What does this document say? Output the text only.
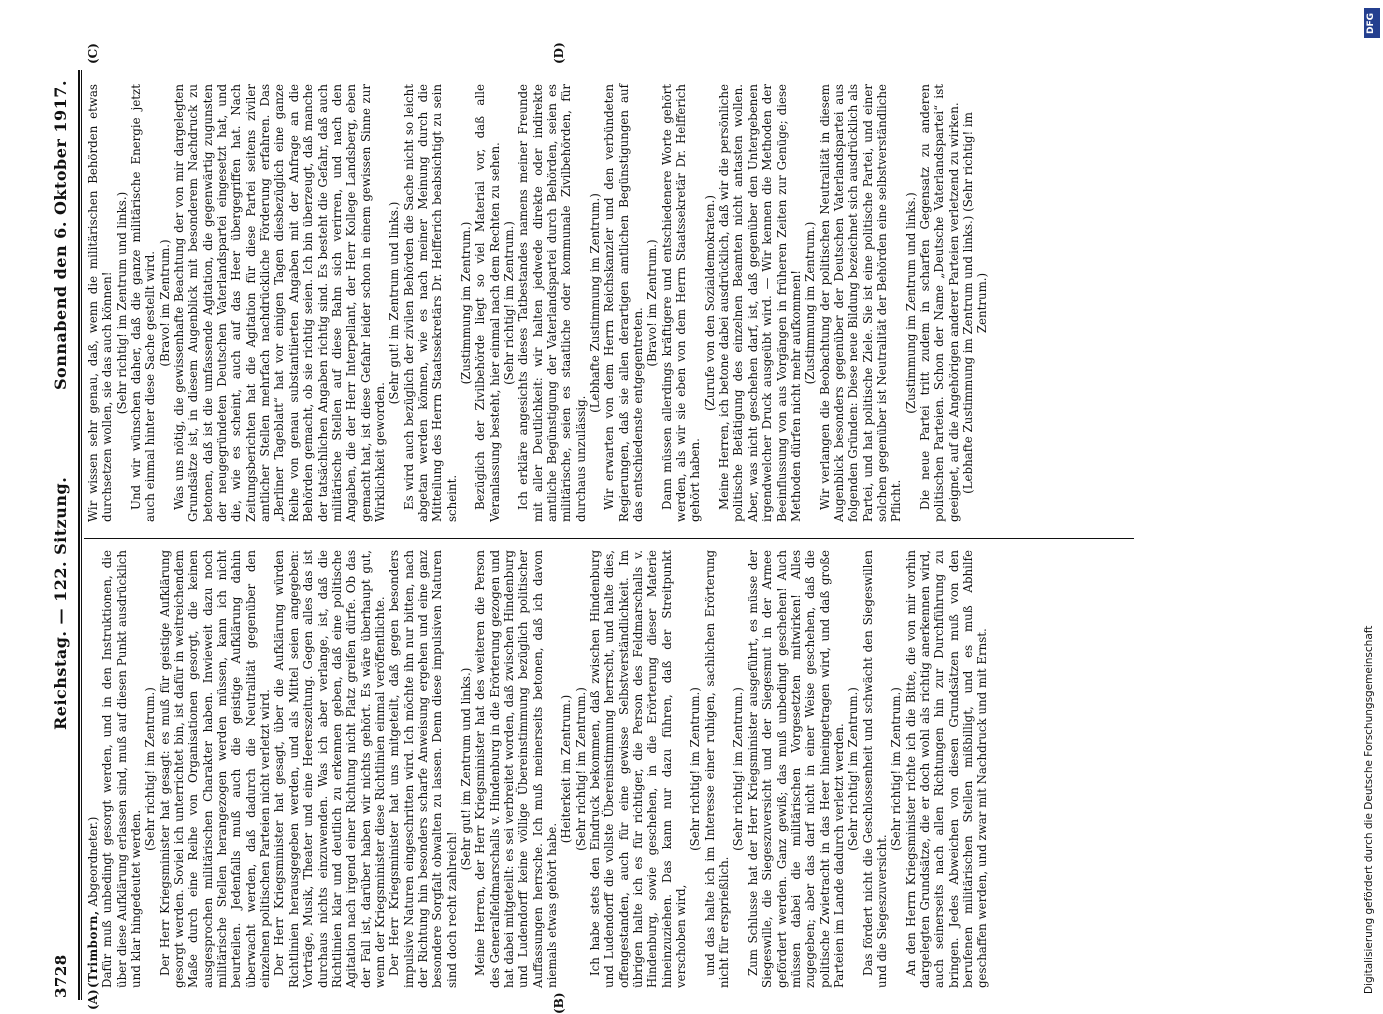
3728
Reichstag. — 122. Sitzung.
Sonnabend den 6. Oktober 1917.
(A)	(B)
(C)	(D)

(Trimborn, Abgeordneter.) Dafür muß unbedingt gesorgt werden, und in den Instruktionen, die über diese Aufklärung erlassen sind, muß auf diesen Punkt ausdrücklich und klar hingedeutet werden.

(Sehr richtig! im Zentrum.) Der Herr Kriegsminister hat gesagt: es muß für geistige Aufklärung gesorgt werden. Soviel ich unterrichtet bin, ist dafür in weitreichendem Maße durch eine Reihe von Organisationen gesorgt, die keinen ausgesprochen militärischen Charakter haben. Inwieweit dazu noch militärische Stellen herangezogen werden müssen, kann ich nicht beurteilen. Jedenfalls muß auch die geistige Aufklärung dahin überwacht werden, daß dadurch die Neutralität gegenüber den einzelnen politischen Parteien nicht verletzt wird. Der Herr Kriegsminister hat gesagt, über die Aufklärung würden Richtlinien herausgegeben werden, und als Mittel seien angegeben: Vorträge, Musik, Theater und eine Heereszeitung. Gegen alles das ist durchaus nichts einzuwenden. Was ich aber verlange, ist, daß die Richtlinien klar und deutlich zu erkennen geben, daß eine politische Agitation nach irgend einer Richtung nicht Platz greifen dürfe. Ob das der Fall ist, darüber haben wir nichts gehört. Es wäre überhaupt gut, wenn der Kriegsminister diese Richtlinien einmal veröffentlichte. Der Herr Kriegsminister hat uns mitgeteilt, daß gegen besonders impulsive Naturen eingeschritten wird. Ich möchte ihn nur bitten, nach der Richtung hin besonders scharfe Anweisung ergehen und eine ganz besondere Sorgfalt obwalten zu lassen. Denn diese impulsiven Naturen sind doch recht zahlreich!

(Sehr gut! im Zentrum und links.) Meine Herren, der Herr Kriegsminister hat des weiteren die Person des Generalfeldmarschalls v. Hindenburg in die Erörterung gezogen und hat dabei mitgeteilt: es sei verbreitet worden, daß zwischen Hindenburg und Ludendorff keine völlige Übereinstimmung bezüglich politischer Auffassungen herrsche. Ich muß meinerseits betonen, daß ich davon niemals etwas gehört habe.

(Heiterkeit im Zentrum.) (Sehr richtig! im Zentrum.) Ich habe stets den Eindruck bekommen, daß zwischen Hindenburg und Ludendorff die vollste Übereinstimmung herrscht, und halte dies, offengestanden, auch für eine gewisse Selbstverständlichkeit. Im übrigen halte ich es für richtiger, die Person des Feldmarschalls v. Hindenburg, sowie geschehen, in die Erörterung dieser Materie hineinzuziehen. Das kann nur dazu führen, daß der Streitpunkt verschoben wird,

(Sehr richtig! im Zentrum.) und das halte ich im Interesse einer ruhigen, sachlichen Erörterung nicht für ersprießlich.

(Sehr richtig! im Zentrum.) Zum Schlusse hat der Herr Kriegsminister ausgeführt, es müsse der Siegeswille, die Siegeszuversicht und der Siegesmut in der Armee gefördert werden. Ganz gewiß; das muß unbedingt geschehen! Auch müssen dabei die militärischen Vorgesetzten mitwirken! Alles zugegeben; aber das darf nicht in einer Weise geschehen, daß die politische Zwietracht in das Heer hineingetragen wird, und daß große Parteien im Lande dadurch verletzt werden. (Sehr richtig! im Zentrum.) Das fördert nicht die Geschlossenheit und schwächt den Siegeswillen und die Siegeszuversicht.

(Sehr richtig! im Zentrum.) An den Herrn Kriegsminister richte ich die Bitte, die von mir vorhin dargelegten Grundsätze, die er doch wohl als richtig anerkennen wird, auch seinerseits nach allen Richtungen hin zur Durchführung zu bringen. Jedes Abweichen von diesen Grundsätzen muß von den berufenen militärischen Stellen mißbilligt, und es muß Abhilfe geschaffen werden, und zwar mit Nachdruck und mit Ernst.

Wir wissen sehr genau, daß, wenn die militärischen Behörden etwas durchsetzen wollen, sie das auch können! (Sehr richtig! im Zentrum und links.) Und wir wünschen daher, daß die ganze militärische Energie jetzt auch einmal hinter diese Sache gestellt wird. (Bravo! im Zentrum.) Was uns nötig, die gewissenhafte Beachtung der von mir dargelegten Grundsätze ist, in diesem Augenblick mit besonderem Nachdruck zu betonen, daß ist die umfassende Agitation, die gegenwärtig zugunsten der neugegründeten Deutschen Vaterlandspartei eingesetzt hat, und die, wie es scheint, auch auf das Heer übergegriffen hat. Nach Zeitungsberichten hat die Agitation für diese Partei seitens ziviler amtlicher Stellen mehrfach nachdrückliche Förderung erfahren. Das „Berliner Tageblatt“ hat vor einigen Tagen diesbezüglich eine ganze Reihe von genau substantiierten Angaben mit der Anfrage an die Behörden gemacht, ob sie richtig seien. Ich bin überzeugt, daß manche der tatsächlichen Angaben richtig sind. Es besteht die Gefahr, daß auch militärische Stellen auf diese Bahn sich verirren, und nach den Angaben, die der Herr Interpellant, der Herr Kollege Landsberg, eben gemacht hat, ist diese Gefahr leider schon in einem gewissen Sinne zur Wirklichkeit geworden.

(Sehr gut! im Zentrum und links.) Es wird auch bezüglich der zivilen Behörden die Sache nicht so leicht abgetan werden können, wie es nach meiner Meinung durch die Mitteilung des Herrn Staatssekretärs Dr. Helfferich beabsichtigt zu sein scheint.

(Zustimmung im Zentrum.) Bezüglich der Zivilbehörde liegt so viel Material vor, daß alle Veranlassung besteht, hier einmal nach dem Rechten zu sehen. (Sehr richtig! im Zentrum.) Ich erkläre angesichts dieses Tatbestandes namens meiner Freunde mit aller Deutlichkeit: wir halten jedwede direkte oder indirekte amtliche Begünstigung der Vaterlandspartei durch Behörden, seien es militärische, seien es staatliche oder kommunale Zivilbehörden, für durchaus unzulässig.

(Lebhafte Zustimmung im Zentrum.) Wir erwarten von dem Herrn Reichskanzler und den verbündeten Regierungen, daß sie allen derartigen amtlichen Begünstigungen auf das entschiedenste entgegentreten.

(Bravo! im Zentrum.) Dann müssen allerdings kräftigere und entschiedenere Worte gehört werden, als wir sie eben von dem Herrn Staatssekretär Dr. Helfferich gehört haben.

(Zurufe von den Sozialdemokraten.) Meine Herren, ich betone dabei ausdrücklich, daß wir die persönliche politische Betätigung des einzelnen Beamten nicht antasten wollen. Aber, was nicht geschehen darf, ist, daß gegenüber den Untergebenen irgendwelcher Druck ausgeübt wird. — Wir kennen die Methoden der Beeinflussung von aus Vorgängen in früheren Zeiten zur Genüge; diese Methoden dürfen nicht mehr aufkommen! (Zustimmung im Zentrum.) Wir verlangen die Beobachtung der politischen Neutralität in diesem Augenblick besonders gegenüber der Deutschen Vaterlandspartei aus folgenden Gründen: Diese neue Bildung bezeichnet sich ausdrücklich als Partei, und hat politische Ziele. Sie ist eine politische Partei, und einer solchen gegenüber ist Neutralität der Behörden eine selbstverständliche Pflicht.

(Zustimmung im Zentrum und links.) Die neue Partei tritt zudem in scharfen Gegensatz zu anderen politischen Parteien. Schon der Name „Deutsche Vaterlandspartei“ ist geeignet, auf die Angehörigen anderer Parteien verletzend zu wirken. (Lebhafte Zustimmung im Zentrum und links.) (Sehr richtig! im Zentrum.)

DFG
Digitalisierung gefördert durch die Deutsche Forschungsgemeinschaft
